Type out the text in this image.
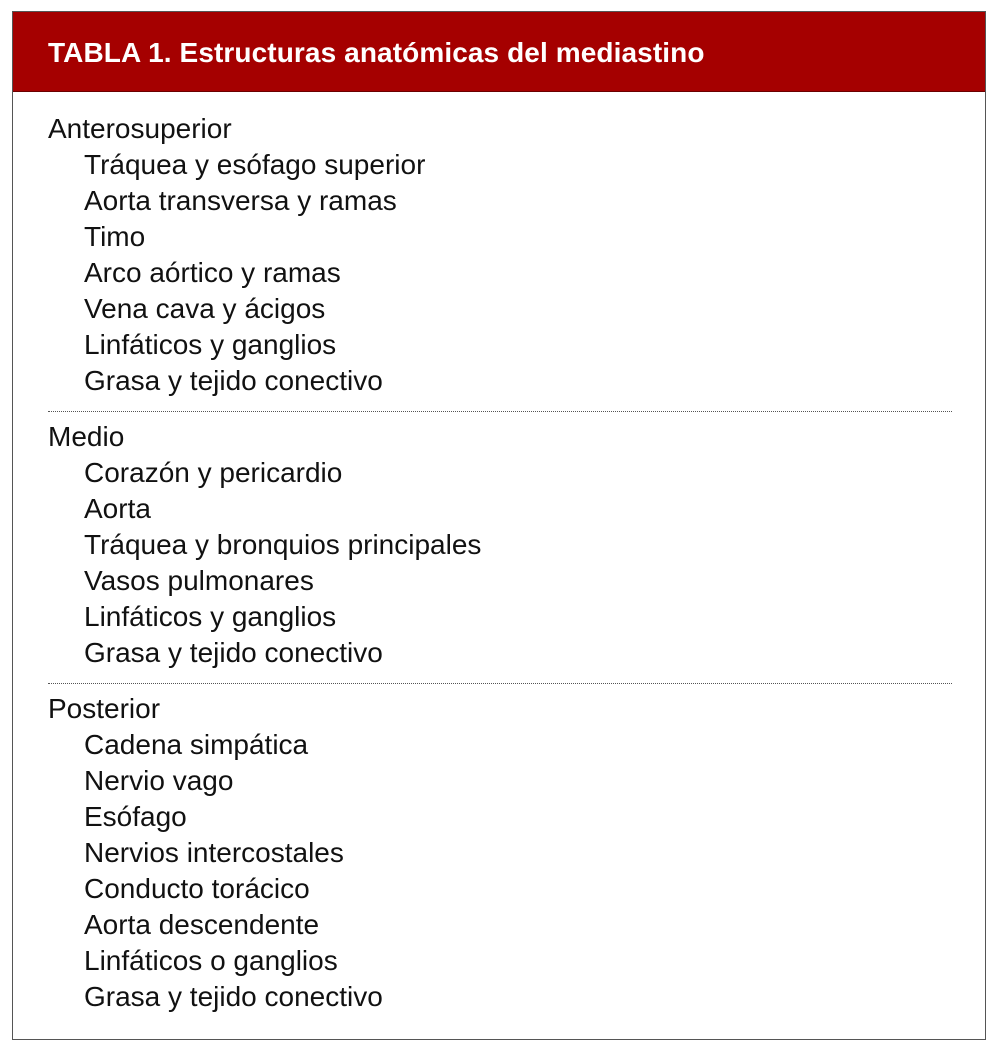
TABLA 1. Estructuras anatómicas del mediastino
Anterosuperior
Tráquea y esófago superior
Aorta transversa y ramas
Timo
Arco aórtico y ramas
Vena cava y ácigos
Linfáticos y ganglios
Grasa y tejido conectivo
Medio
Corazón y pericardio
Aorta
Tráquea y bronquios principales
Vasos pulmonares
Linfáticos y ganglios
Grasa y tejido conectivo
Posterior
Cadena simpática
Nervio vago
Esófago
Nervios intercostales
Conducto torácico
Aorta descendente
Linfáticos o ganglios
Grasa y tejido conectivo
